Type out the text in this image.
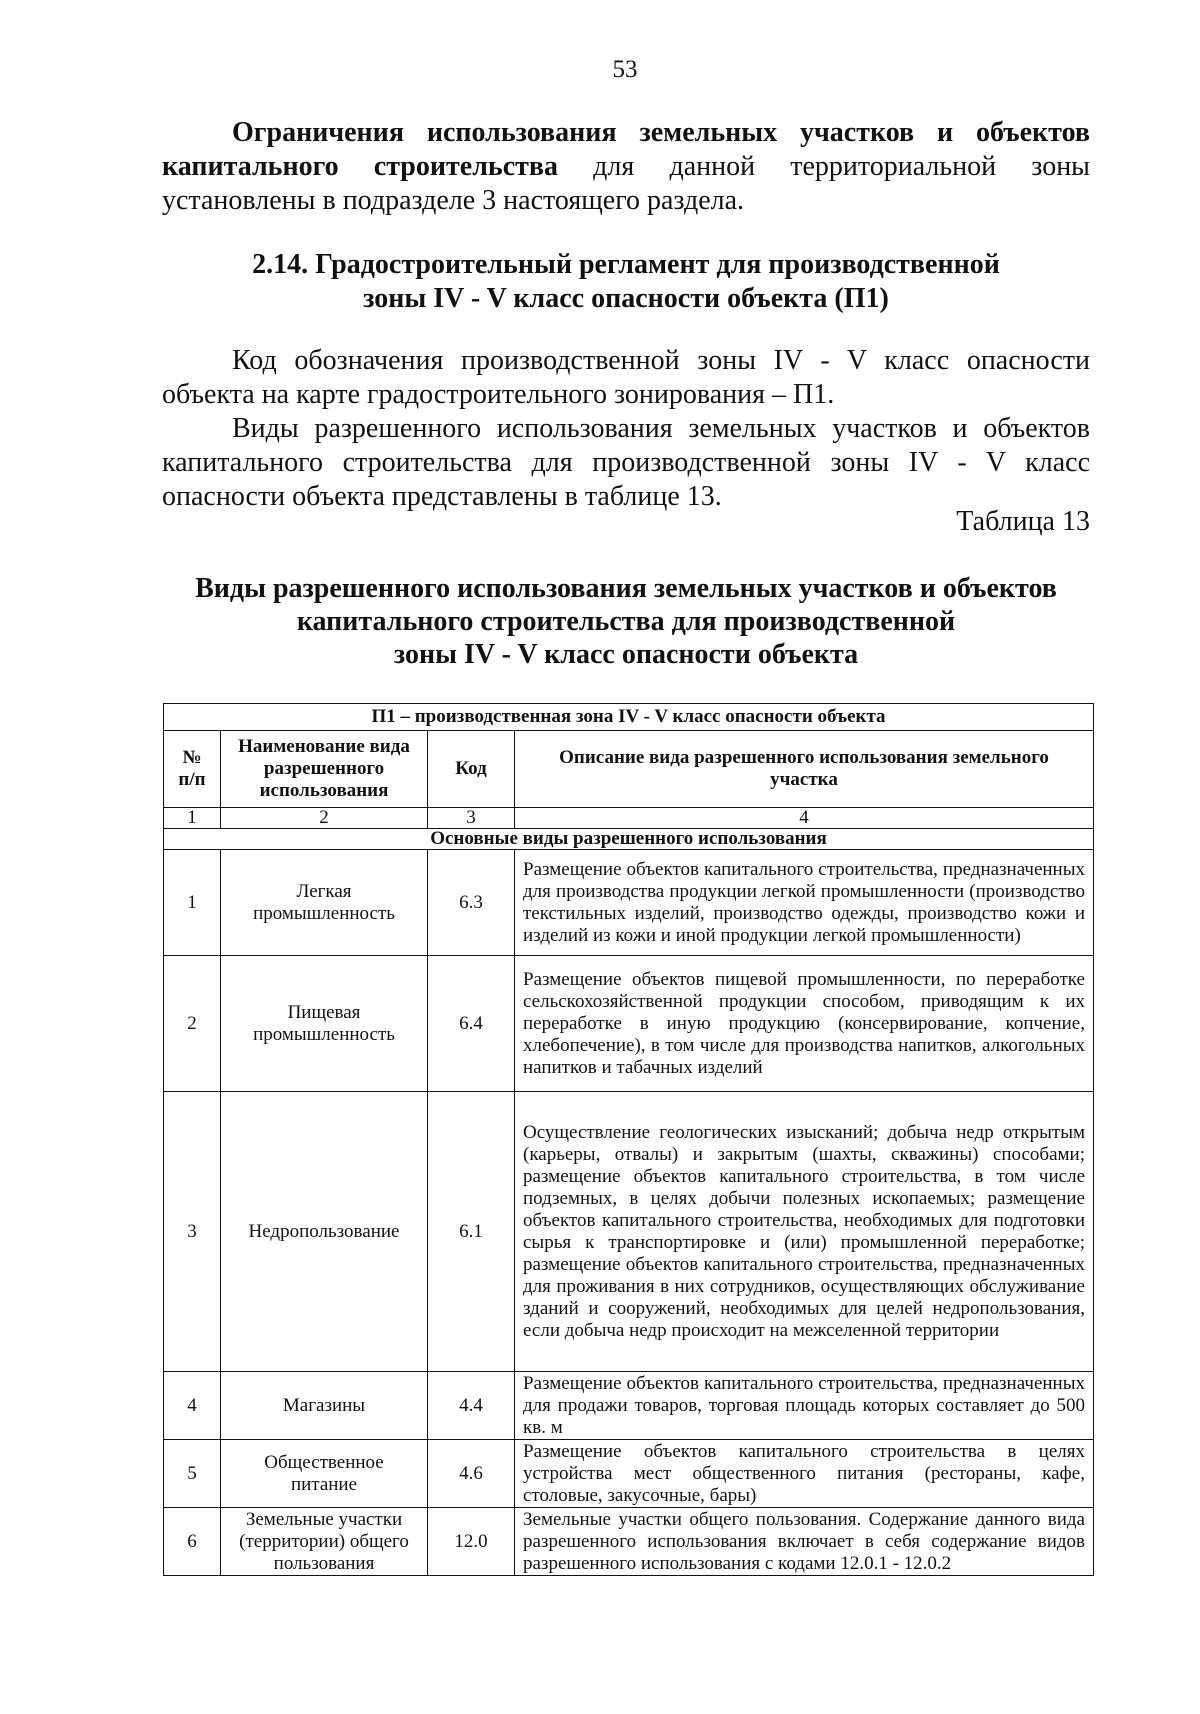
53
Ограничения использования земельных участков и объектов
капитального строительства для данной территориальной зоны
установлены в подразделе 3 настоящего раздела.
2.14. Градостроительный регламент для производственной
зоны IV - V класс опасности объекта (П1)
Код обозначения производственной зоны IV - V класс опасности
объекта на карте градостроительного зонирования – П1.
Виды разрешенного использования земельных участков и объектов
капитального строительства для производственной зоны IV - V класс
опасности объекта представлены в таблице 13.
Таблица 13
Виды разрешенного использования земельных участков и объектов
капитального строительства для производственной
зоны IV - V класс опасности объекта
П1 – производственная зона IV - V класс опасности объекта			
№ п/п	Наименование вида разрешенного использования	Код	Описание вида разрешенного использования земельного участка
1	2	3	4
Основные виды разрешенного использования			
1	Легкая промышленность	6.3	Размещение объектов капитального строительства, предназначенных для производства продукции легкой промышленности (производство текстильных изделий, производство одежды, производство кожи и изделий из кожи и иной продукции легкой промышленности)
2	Пищевая промышленность	6.4	Размещение объектов пищевой промышленности, по переработке сельскохозяйственной продукции способом, приводящим к их переработке в иную продукцию (консервирование, копчение, хлебопечение), в том числе для производства напитков, алкогольных напитков и табачных изделий
3	Недропользование	6.1	Осуществление геологических изысканий; добыча недр открытым (карьеры, отвалы) и закрытым (шахты, скважины) способами; размещение объектов капитального строительства, в том числе подземных, в целях добычи полезных ископаемых; размещение объектов капитального строительства, необходимых для подготовки сырья к транспортировке и (или) промышленной переработке; размещение объектов капитального строительства, предназначенных для проживания в них сотрудников, осуществляющих обслуживание зданий и сооружений, необходимых для целей недропользования, если добыча недр происходит на межселенной территории
4	Магазины	4.4	Размещение объектов капитального строительства, предназначенных для продажи товаров, торговая площадь которых составляет до 500 кв. м
5	Общественное питание	4.6	Размещение объектов капитального строительства в целях устройства мест общественного питания (рестораны, кафе, столовые, закусочные, бары)
6	Земельные участки (территории) общего пользования	12.0	Земельные участки общего пользования. Содержание данного вида разрешенного использования включает в себя содержание видов разрешенного использования с кодами 12.0.1 - 12.0.2
